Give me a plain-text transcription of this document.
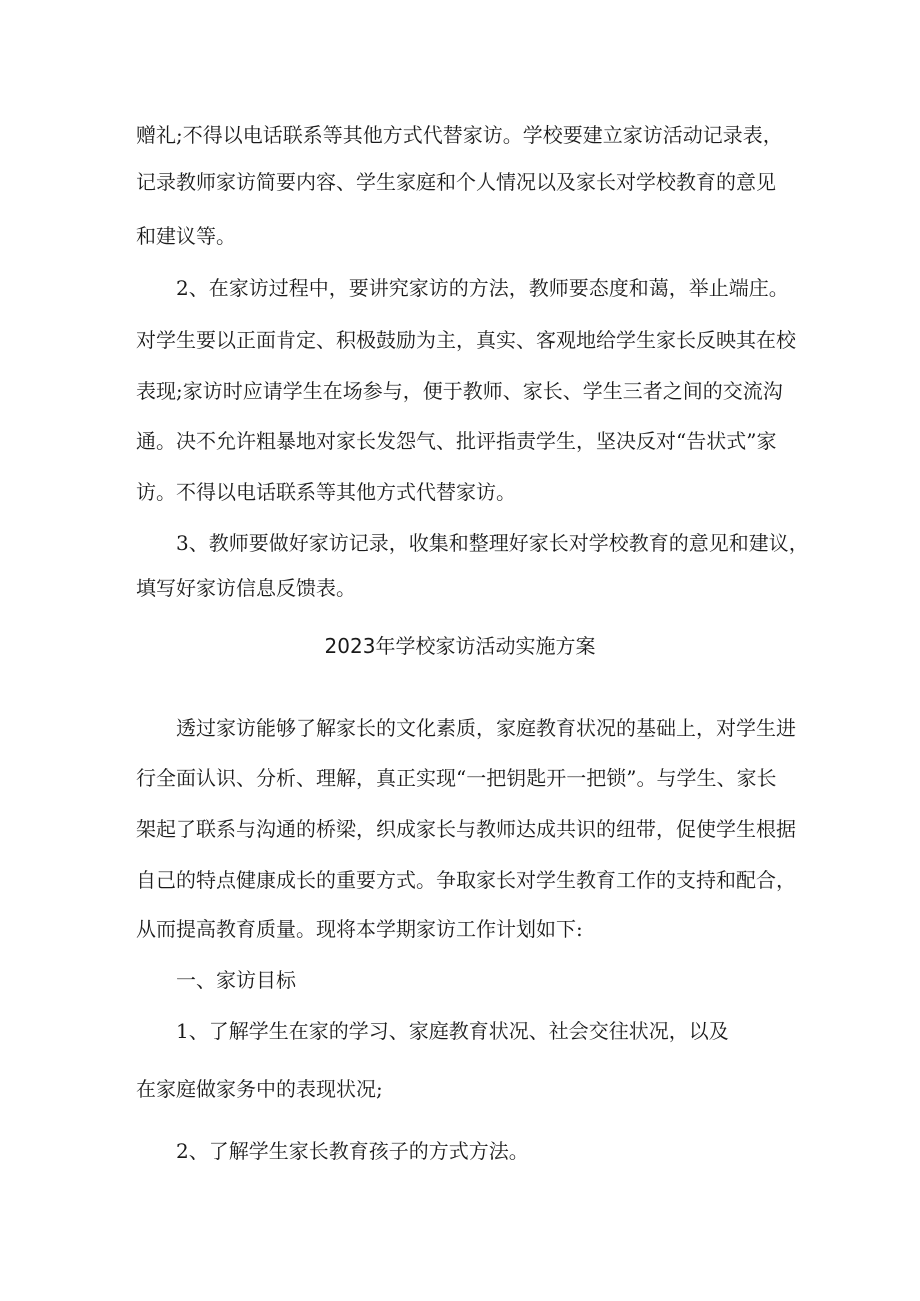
赠礼;不得以电话联系等其他方式代替家访。学校要建立家访活动记录表，
记录教师家访简要内容、学生家庭和个人情况以及家长对学校教育的意见
和建议等。
2、在家访过程中，要讲究家访的方法，教师要态度和蔼，举止端庄。
对学生要以正面肯定、积极鼓励为主，真实、客观地给学生家长反映其在校
表现;家访时应请学生在场参与，便于教师、家长、学生三者之间的交流沟
通。决不允许粗暴地对家长发怨气、批评指责学生，坚决反对“告状式”家
访。不得以电话联系等其他方式代替家访。
3、教师要做好家访记录，收集和整理好家长对学校教育的意见和建议，
填写好家访信息反馈表。
2023年学校家访活动实施方案
透过家访能够了解家长的文化素质，家庭教育状况的基础上，对学生进
行全面认识、分析、理解，真正实现“一把钥匙开一把锁”。与学生、家长
架起了联系与沟通的桥梁，织成家长与教师达成共识的纽带，促使学生根据
自己的特点健康成长的重要方式。争取家长对学生教育工作的支持和配合，
从而提高教育质量。现将本学期家访工作计划如下:
一、家访目标
1、了解学生在家的学习、家庭教育状况、社会交往状况，以及
在家庭做家务中的表现状况;
2、了解学生家长教育孩子的方式方法。
